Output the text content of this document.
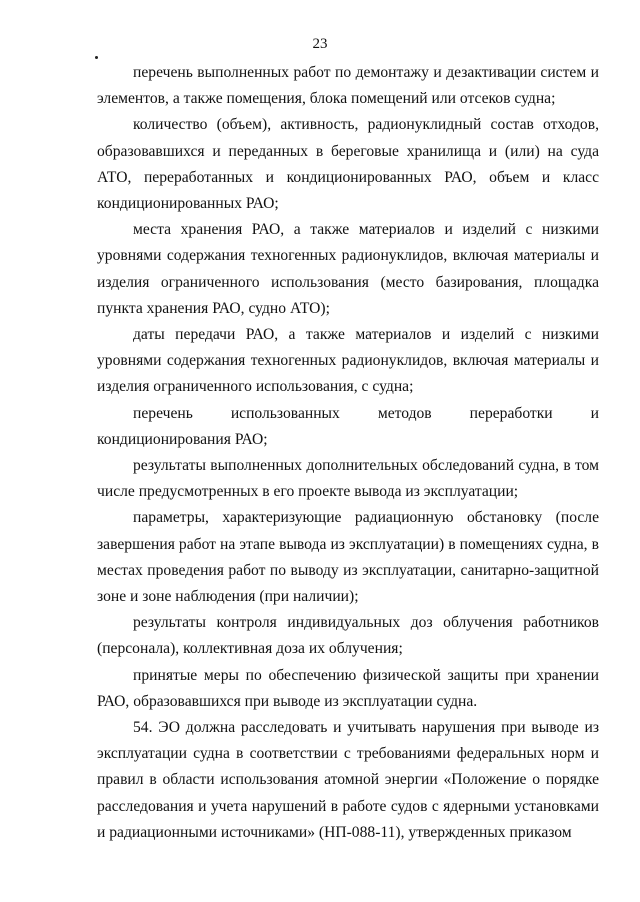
23

перечень выполненных работ по демонтажу и дезактивации систем и элементов, а также помещения, блока помещений или отсеков судна;

количество (объем), активность, радионуклидный состав отходов, образовавшихся и переданных в береговые хранилища и (или) на суда АТО, переработанных и кондиционированных РАО, объем и класс кондиционированных РАО;

места хранения РАО, а также материалов и изделий с низкими уровнями содержания техногенных радионуклидов, включая материалы и изделия ограниченного использования (место базирования, площадка пункта хранения РАО, судно АТО);

даты передачи РАО, а также материалов и изделий с низкими уровнями содержания техногенных радионуклидов, включая материалы и изделия ограниченного использования, с судна;

перечень использованных методов переработки и кондиционирования РАО;

результаты выполненных дополнительных обследований судна, в том числе предусмотренных в его проекте вывода из эксплуатации;

параметры, характеризующие радиационную обстановку (после завершения работ на этапе вывода из эксплуатации) в помещениях судна, в местах проведения работ по выводу из эксплуатации, санитарно-защитной зоне и зоне наблюдения (при наличии);

результаты контроля индивидуальных доз облучения работников (персонала), коллективная доза их облучения;

принятые меры по обеспечению физической защиты при хранении РАО, образовавшихся при выводе из эксплуатации судна.

54. ЭО должна расследовать и учитывать нарушения при выводе из эксплуатации судна в соответствии с требованиями федеральных норм и правил в области использования атомной энергии «Положение о порядке расследования и учета нарушений в работе судов с ядерными установками и радиационными источниками» (НП-088-11), утвержденных приказом
